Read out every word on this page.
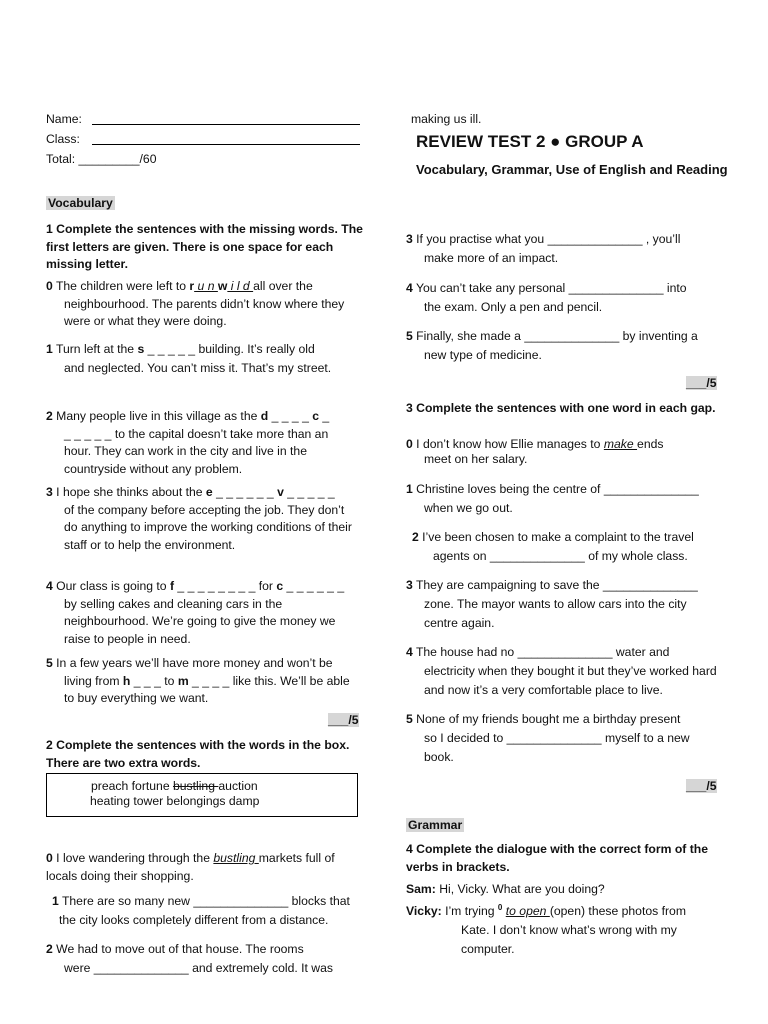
Name:
Class:
Total: _________/60
making us ill.
REVIEW TEST 2 ● GROUP A
Vocabulary, Grammar, Use of English and Reading
Vocabulary
1 Complete the sentences with the missing words. The first letters are given. There is one space for each missing letter.
0 The children were left to r u n w i l d all over the
neighbourhood. The parents didn’t know where they were or what they were doing.
1 Turn left at the s _ _ _ _ _ building. It’s really old
and neglected. You can’t miss it. That’s my street.
2 Many people live in this village as the d _ _ _ _ c _
_ _ _ _ _ to the capital doesn’t take more than an hour. They can work in the city and live in the countryside without any problem.
3 I hope she thinks about the e _ _ _ _ _ _ v _ _ _ _ _
of the company before accepting the job. They don’t do anything to improve the working conditions of their staff or to help the environment.
4 Our class is going to f _ _ _ _ _ _ _ _ for c _ _ _ _ _ _
by selling cakes and cleaning cars in the neighbourhood. We’re going to give the money we raise to people in need.
5 In a few years we’ll have more money and won’t be
living from h _ _ _ to m _ _ _ _ like this. We’ll be able to buy everything we want.
___/5
2 Complete the sentences with the words in the box. There are two extra words.
preach fortune bustling auction
heating tower belongings damp
0 I love wandering through the bustling markets full of locals doing their shopping.
1 There are so many new ______________ blocks that
the city looks completely different from a distance.
2 We had to move out of that house. The rooms
were ______________ and extremely cold. It was
3 If you practise what you ______________ , you’ll
make more of an impact.
4 You can’t take any personal ______________ into
the exam. Only a pen and pencil.
5 Finally, she made a ______________ by inventing a
new type of medicine.
___/5
3 Complete the sentences with one word in each gap.
0 I don’t know how Ellie manages to make ends
meet on her salary.
1 Christine loves being the centre of ______________
when we go out.
2 I’ve been chosen to make a complaint to the travel
agents on ______________ of my whole class.
3 They are campaigning to save the ______________
zone. The mayor wants to allow cars into the city centre again.
4 The house had no ______________ water and
electricity when they bought it but they’ve worked hard and now it’s a very comfortable place to live.
5 None of my friends bought me a birthday present
so I decided to ______________ myself to a new book.
___/5
Grammar
4 Complete the dialogue with the correct form of the verbs in brackets.
Sam: Hi, Vicky. What are you doing?
Vicky: I’m trying $^0$ to open (open) these photos from
Kate. I don’t know what’s wrong with my computer.
